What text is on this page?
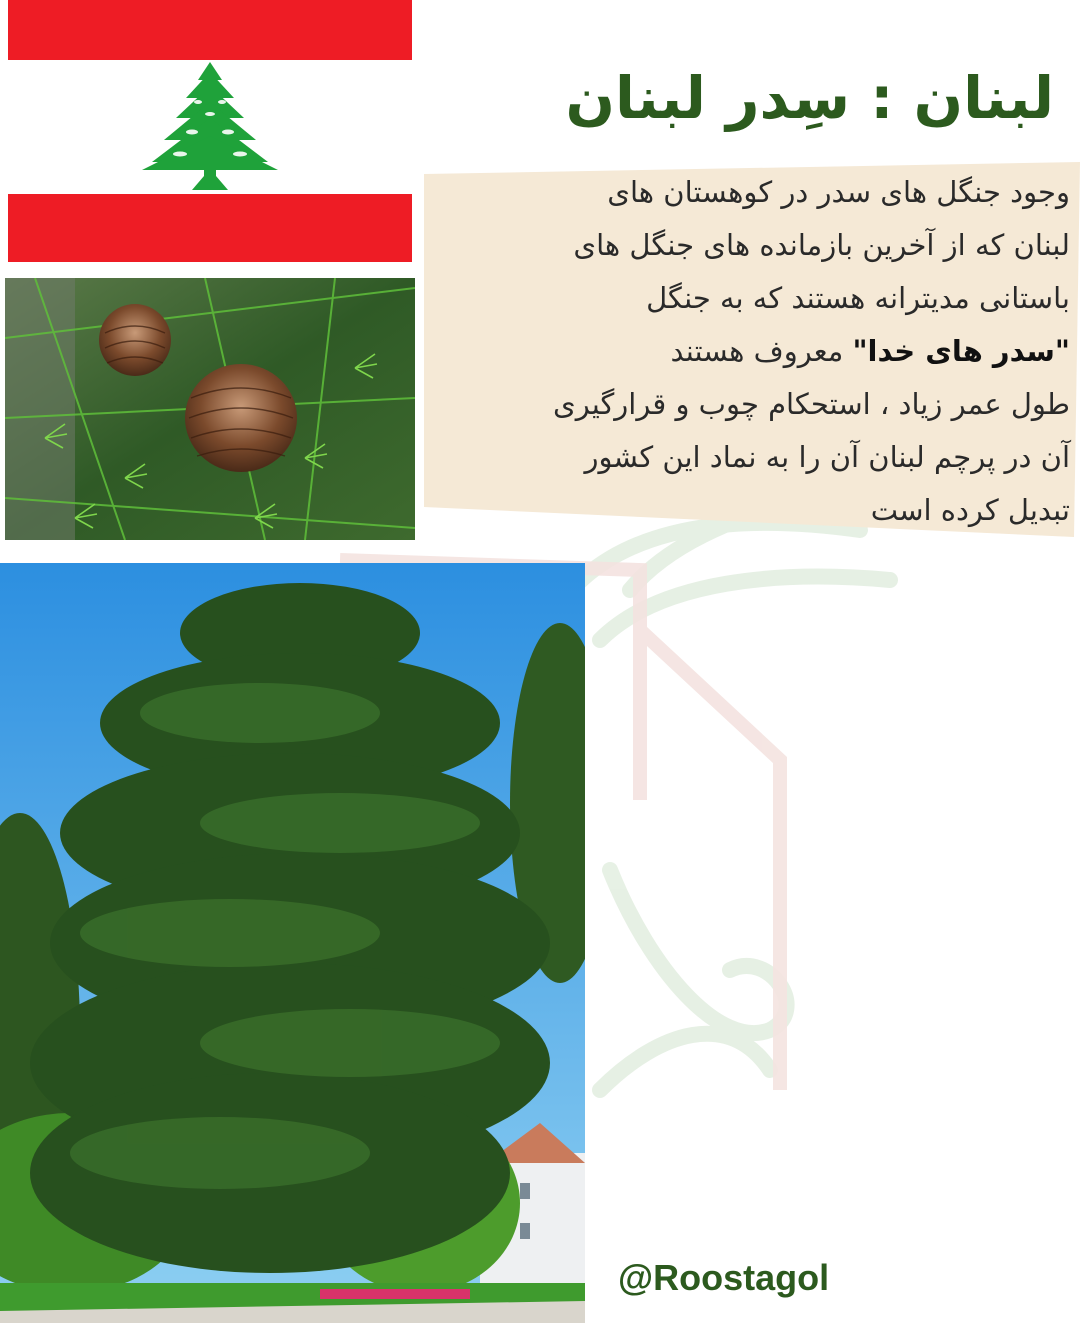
لبنان : سِدر لبنان
وجود جنگل های سدر در کوهستان های
لبنان که از آخرین بازمانده های جنگل های
باستانی مدیترانه هستند که به جنگل
"سدر های خدا" معروف هستند
طول عمر زیاد ، استحکام چوب و قرارگیری
آن در پرچم لبنان آن را به نماد این کشور
تبدیل کرده است
@Roostagol
